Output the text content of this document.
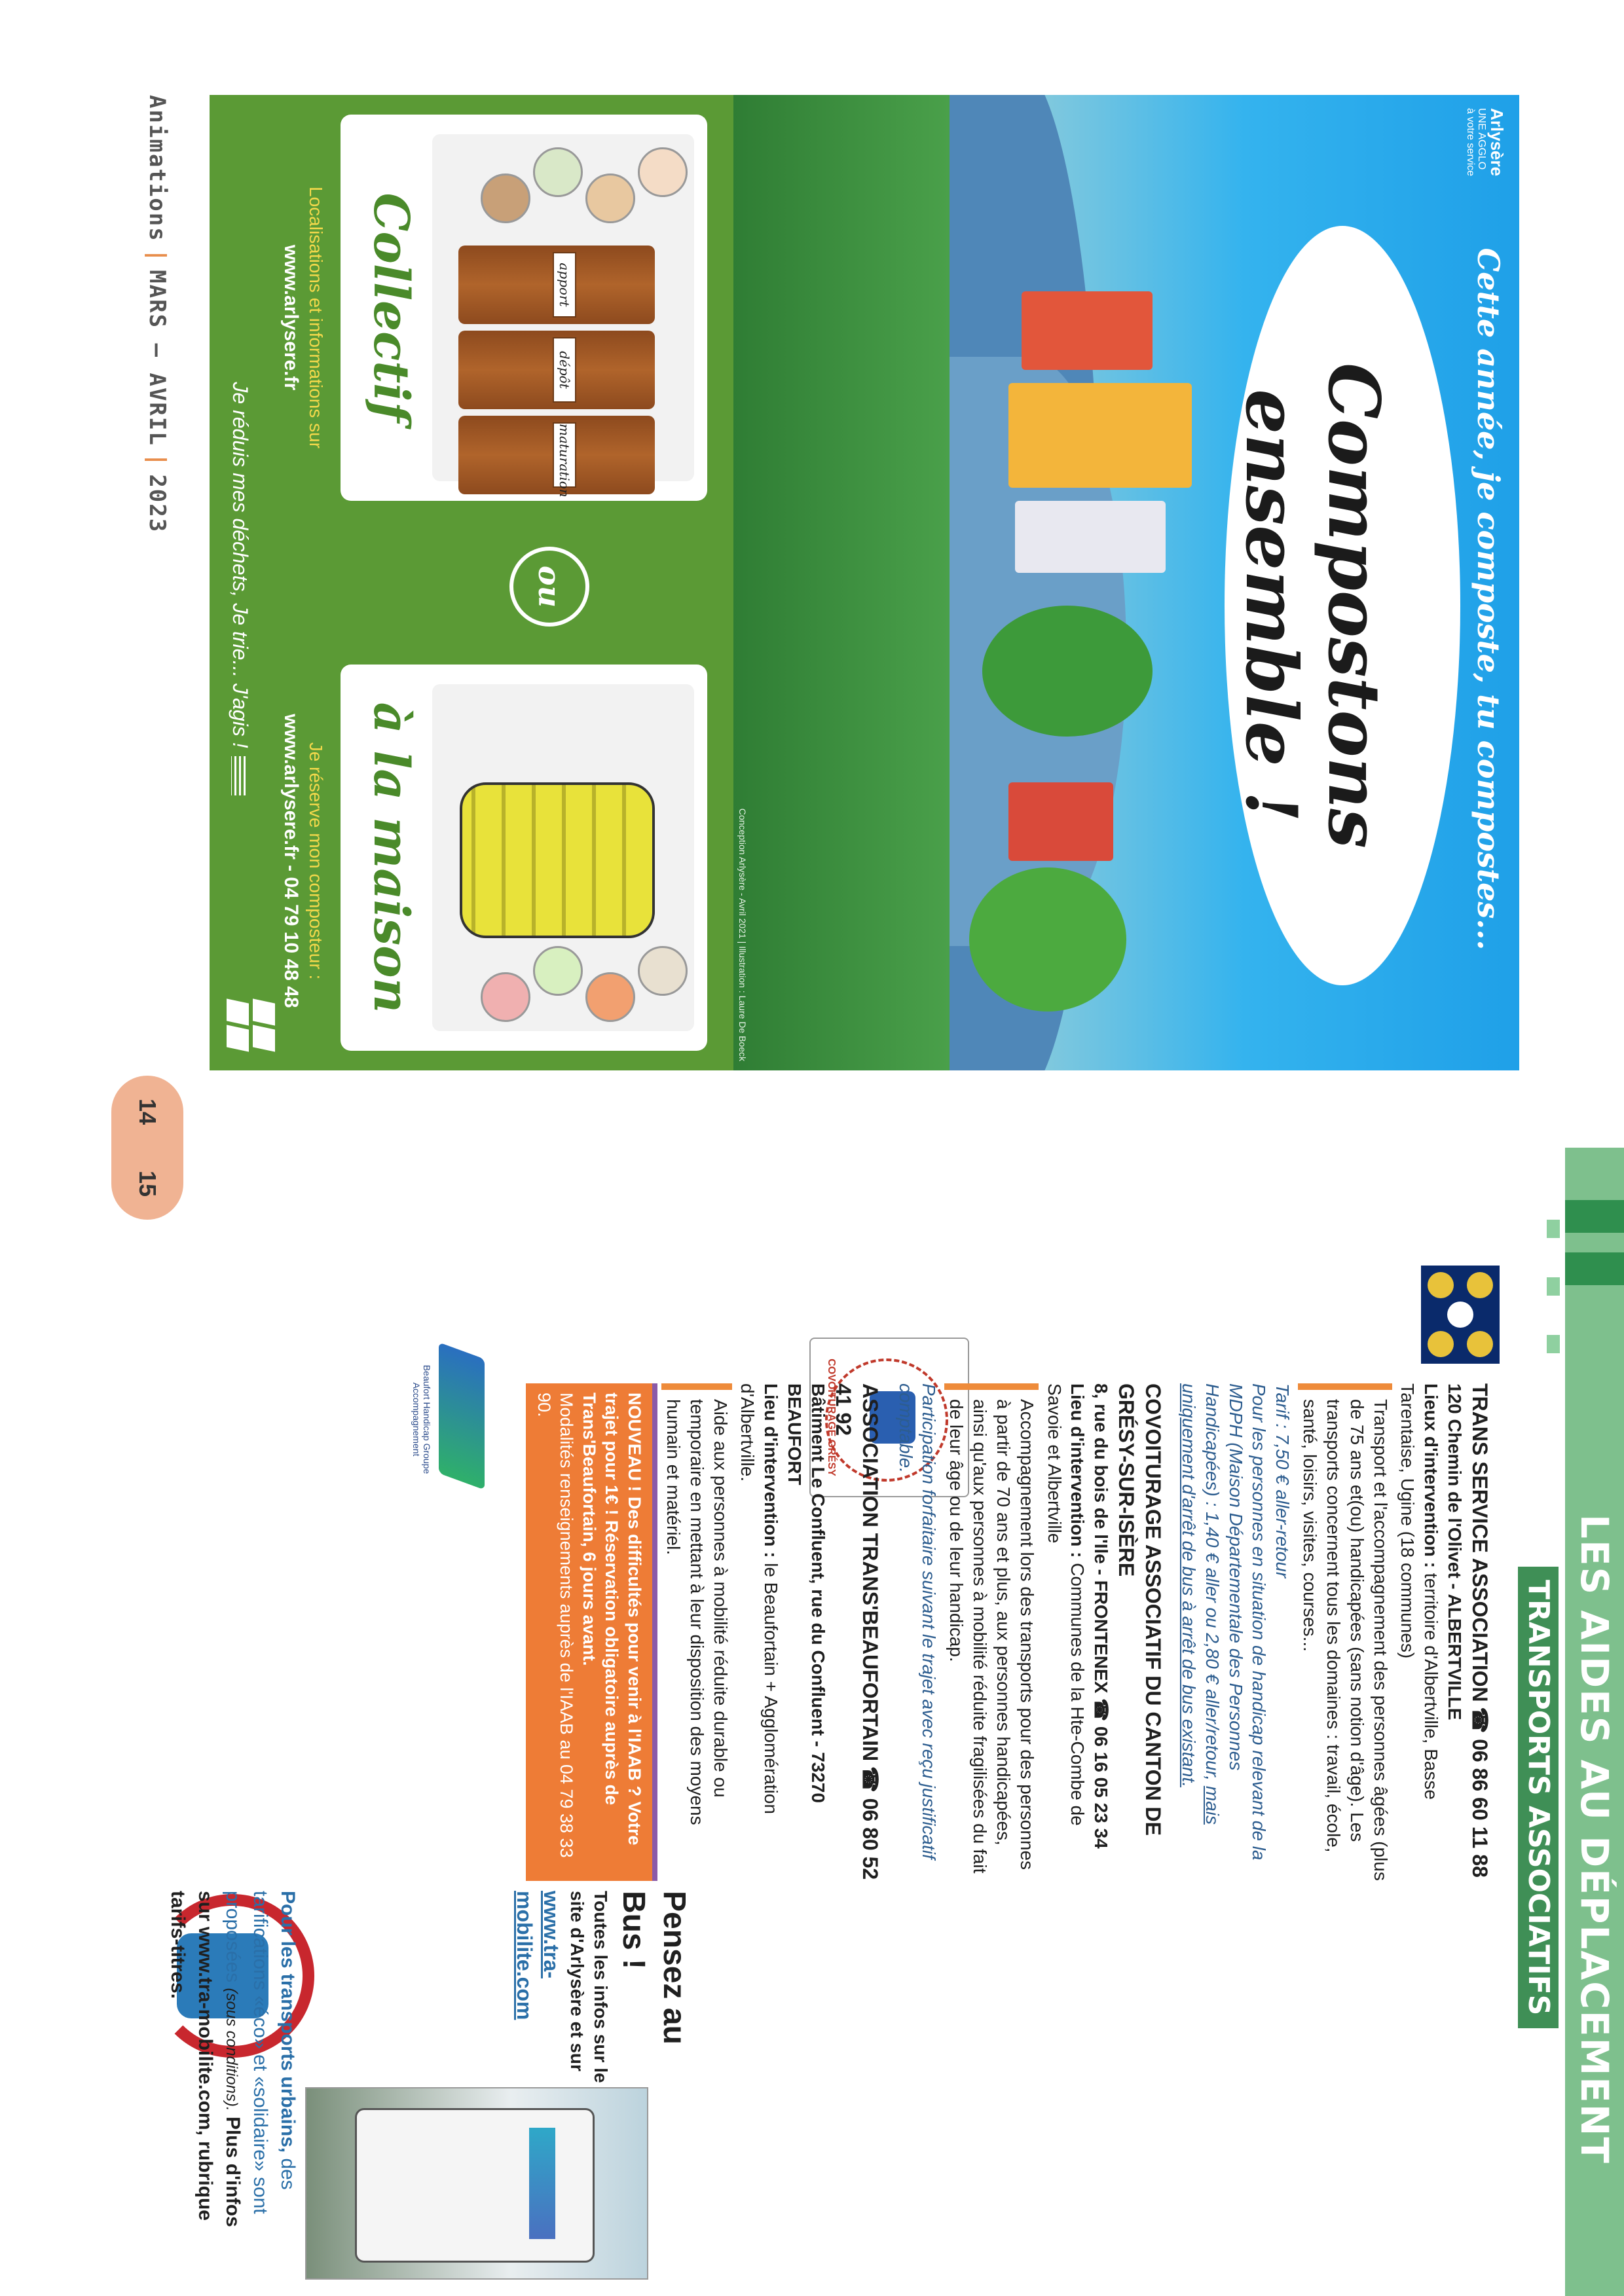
Compostons ensemble !	Cette année, je composte, tu compostes...
Arlysère
UNE AGGLO
à votre service
Conception Arlysère - Avril 2021 | Illustration : Laure De Boeck
apport
dépôt
maturation
Collectif
ou
à la maison
Localisations et informations sur
www.arlysere.fr
Je réserve mon composteur :
www.arlysere.fr - 04 79 10 48 48
Je réduis mes déchets, Je trie... J'agis !
Animations|MARS – AVRIL|2023
14
15
LES AIDES AU DÉPLACEMENT
TRANSPORTS ASSOCIATIFS
COVOITURAGE GRÉSY
Beaufort Handicap Groupe Accompagnement	TRANS SERVICE ASSOCIATION ☎ 06 86 60 11 88
120 Chemin de l'Olivet - ALBERTVILLE
Lieux d'intervention : territoire d'Albertville, Basse Tarentaise, Ugine (18 communes)
Transport et l'accompagnement des personnes âgées (plus de 75 ans et(ou) handicapées (sans notion d'âge). Les transports concernent tous les domaines : travail, école, santé, loisirs, visites, courses...
Tarif : 7,50 € aller-retour
Pour les personnes en situation de handicap relevant de la MDPH (Maison Départementale des Personnes Handicapées) : 1,40 € aller ou 2,80 € aller/retour, mais uniquement d'arrêt de bus à arrêt de bus existant.
COVOITURAGE ASSOCIATIF DU CANTON DE GRÉSY-SUR-ISÈRE
8, rue du bois de l'Ile - FRONTENEX ☎ 06 16 05 23 34
Lieu d'intervention : Communes de la Hte-Combe de Savoie et Albertville
Accompagnement lors des transports pour des personnes à partir de 70 ans et plus, aux personnes handicapées, ainsi qu'aux personnes à mobilité réduite fragilisées du fait de leur âge ou de leur handicap.
Participation forfaitaire suivant le trajet avec reçu justificatif comptable.
ASSOCIATION TRANS'BEAUFORTAIN ☎ 06 80 52 41 92
Bâtiment Le Confluent, rue du Confluent - 73270 BEAUFORT
Lieu d'intervention : le Beaufortain + Agglomération d'Albertville.
Aide aux personnes à mobilité réduite durable ou temporaire en mettant à leur disposition des moyens humain et matériel.
NOUVEAU ! Des difficultés pour venir à l'IAAB ? Votre trajet pour 1€ ! Réservation obligatoire auprès de Trans'Beaufortain, 6 jours avant.
Modalités renseignements auprès de l'IAAB au 04 79 38 33 90.
Pensez au Bus !
Toutes les infos sur le site d'Arlysère et sur
www.tra-mobilite.com
Pour les transports urbains, des tarifications «éco» et «solidaire» sont proposées (sous conditions). Plus d'infos sur www.tra-mobilite.com, rubrique tarifs-titres.
